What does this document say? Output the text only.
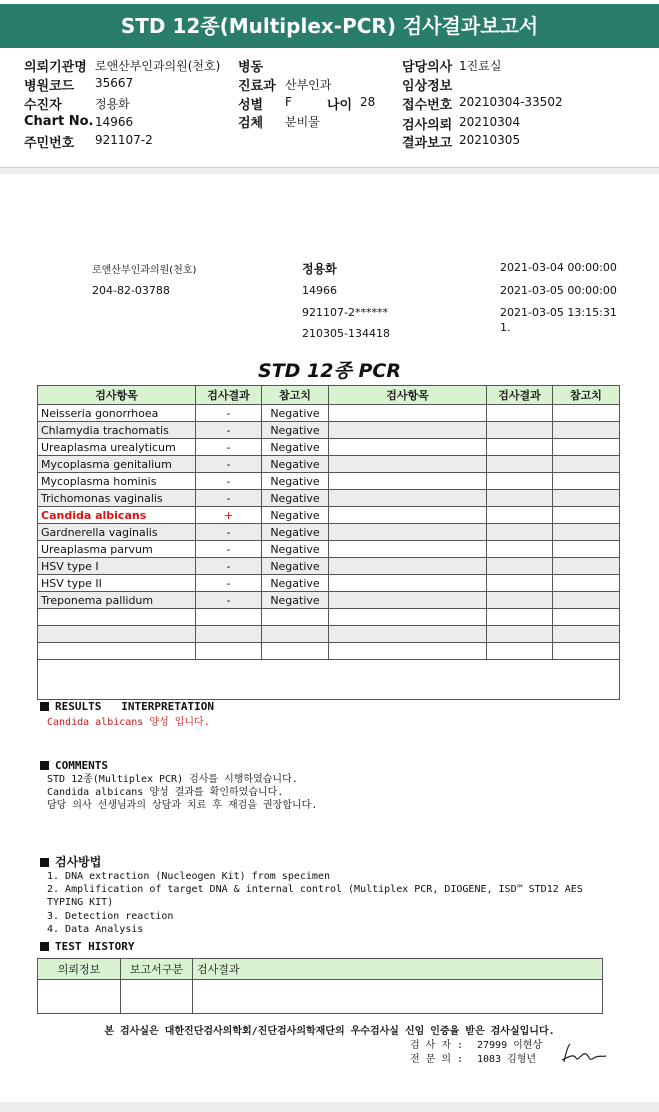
STD 12종(Multiplex-PCR) 검사결과보고서
의뢰기관명 로앤산부인과의원(천호) 병동	담당의사 1진료실
병원코드 35667	진료과 산부인과	임상정보
수진자	정용화	성별 F	나이 28 접수번호 20210304-33502
Chart No. 14966	검체 분비물	검사의뢰 20210304
주민번호 921107-2	결과보고 20210305
로앤산부인과의원(천호)
204-82-03788
정용화
14966
921107-2******
210305-134418
2021-03-04 00:00:00
2021-03-05 00:00:00
2021-03-05 13:15:31
1.
STD 12종 PCR
검사항목	검사결과	참고치	검사항목	검사결과	참고치
Neisseria gonorrhoea	-	Negative			
Chlamydia trachomatis	-	Negative			
Ureaplasma urealyticum	-	Negative			
Mycoplasma genitalium	-	Negative			
Mycoplasma hominis	-	Negative			
Trichomonas vaginalis	-	Negative			
Candida albicans	+	Negative			
Gardnerella vaginalis	-	Negative			
Ureaplasma parvum	-	Negative			
HSV type I	-	Negative			
HSV type II	-	Negative			
Treponema pallidum	-	Negative			

RESULTS   INTERPRETATION
Candida albicans 양성 입니다.
COMMENTS
STD 12종(Multiplex PCR) 검사를 시행하였습니다.
Candida albicans 양성 결과를 확인하였습니다.
담당 의사 선생님과의 상담과 치료 후 재검을 권장합니다.
검사방법
1. DNA extraction (Nucleogen Kit) from specimen
2. Amplification of target DNA & internal control (Multiplex PCR, DIOGENE, ISD™ STD12 AES
TYPING KIT)
3. Detection reaction
4. Data Analysis
TEST HISTORY
의뢰정보	보고서구분	검사결과

본 검사실은 대한진단검사의학회/진단검사의학재단의 우수검사실 신임 인증을 받은 검사실입니다.
검 사 자 : 27999 이현상
전 문 의 : 1083 김형년
